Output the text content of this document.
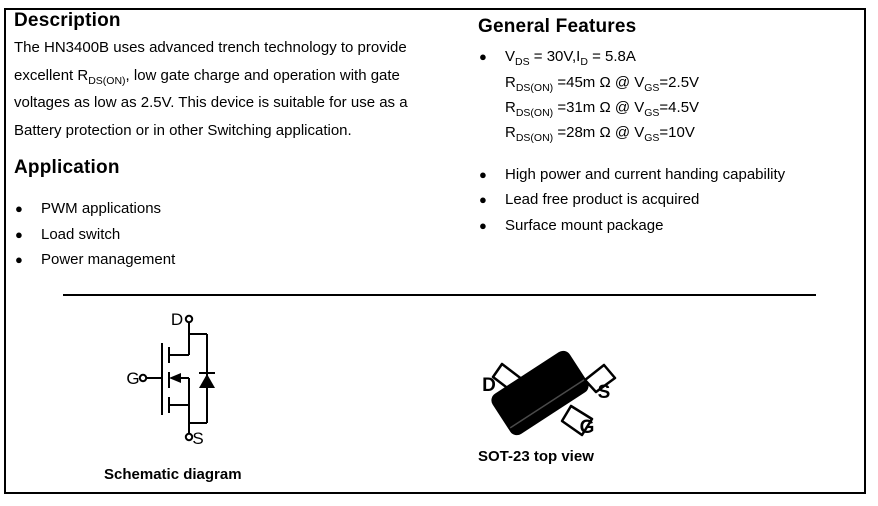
Description
The HN3400B uses advanced trench technology to provide
excellent $R_{DS(ON)}$, low gate charge and operation with gate
voltages as low as 2.5V. This device is suitable for use as a
Battery protection or in other Switching application.
General Features
●	$V_{DS} = 30V,I_D = 5.8A$
$R_{DS(ON)} =45m$ Ω @ $V_{GS}=2.5V$
$R_{DS(ON)} =31m$ Ω @ $V_{GS}=4.5V$
$R_{DS(ON)} =28m$ Ω @ $V_{GS}=10V$
●	High power and current handing capability
●	Lead free product is acquired
●	Surface mount package
Application
●	PWM applications
●	Load switch
●	Power management
D
G
S
D	S
G
Schematic diagram
SOT-23 top view
